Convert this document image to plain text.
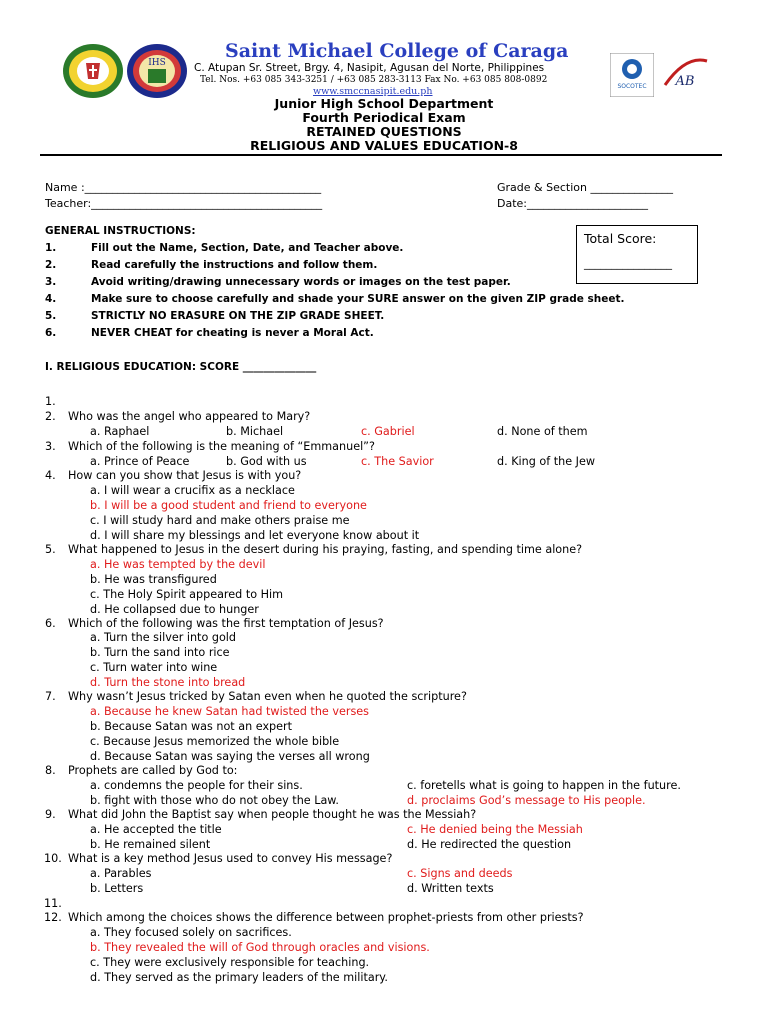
IHS
SOCOTEC AB
Saint Michael College of Caraga
C. Atupan Sr. Street, Brgy. 4, Nasipit, Agusan del Norte, Philippines
Tel. Nos. +63 085 343-3251 / +63 085 283-3113 Fax No. +63 085 808-0892
www.smccnasipit.edu.ph
Junior High School Department
Fourth Periodical Exam
RETAINED QUESTIONS
RELIGIOUS AND VALUES EDUCATION-8
Name :___________________________________________
Teacher:__________________________________________
Grade & Section _______________
Date:______________________
Total Score:
________________
GENERAL INSTRUCTIONS:
1.	Fill out the Name, Section, Date, and Teacher above.
2.	Read carefully the instructions and follow them.
3.	Avoid writing/drawing unnecessary words or images on the test paper.
4.	Make sure to choose carefully and shade your SURE answer on the given ZIP grade sheet.
5.	STRICTLY NO ERASURE ON THE ZIP GRADE SHEET.
6.	NEVER CHEAT for cheating is never a Moral Act.
I. RELIGIOUS EDUCATION: SCORE ______________
1.
2. Who was the angel who appeared to Mary?
a. Raphael	b. Michael	c. Gabriel	d. None of them
3. Which of the following is the meaning of “Emmanuel”?
a. Prince of Peace	b. God with us	c. The Savior	d. King of the Jew
4. How can you show that Jesus is with you?
a. I will wear a crucifix as a necklace
b. I will be a good student and friend to everyone
c. I will study hard and make others praise me
d. I will share my blessings and let everyone know about it
5. What happened to Jesus in the desert during his praying, fasting, and spending time alone?
a. He was tempted by the devil
b. He was transfigured
c. The Holy Spirit appeared to Him
d. He collapsed due to hunger
6. Which of the following was the first temptation of Jesus?
a. Turn the silver into gold
b. Turn the sand into rice
c. Turn water into wine
d. Turn the stone into bread
7. Why wasn’t Jesus tricked by Satan even when he quoted the scripture?
a. Because he knew Satan had twisted the verses
b. Because Satan was not an expert
c. Because Jesus memorized the whole bible
d. Because Satan was saying the verses all wrong
8. Prophets are called by God to:
a. condemns the people for their sins.	c. foretells what is going to happen in the future.
b. fight with those who do not obey the Law.	d. proclaims God’s message to His people.
9. What did John the Baptist say when people thought he was the Messiah?
a. He accepted the title	c. He denied being the Messiah
b. He remained silent	d. He redirected the question
10. What is a key method Jesus used to convey His message?
a. Parables	c. Signs and deeds
b. Letters	d. Written texts
11.
12. Which among the choices shows the difference between prophet-priests from other priests?
a. They focused solely on sacrifices.
b. They revealed the will of God through oracles and visions.
c. They were exclusively responsible for teaching.
d. They served as the primary leaders of the military.
